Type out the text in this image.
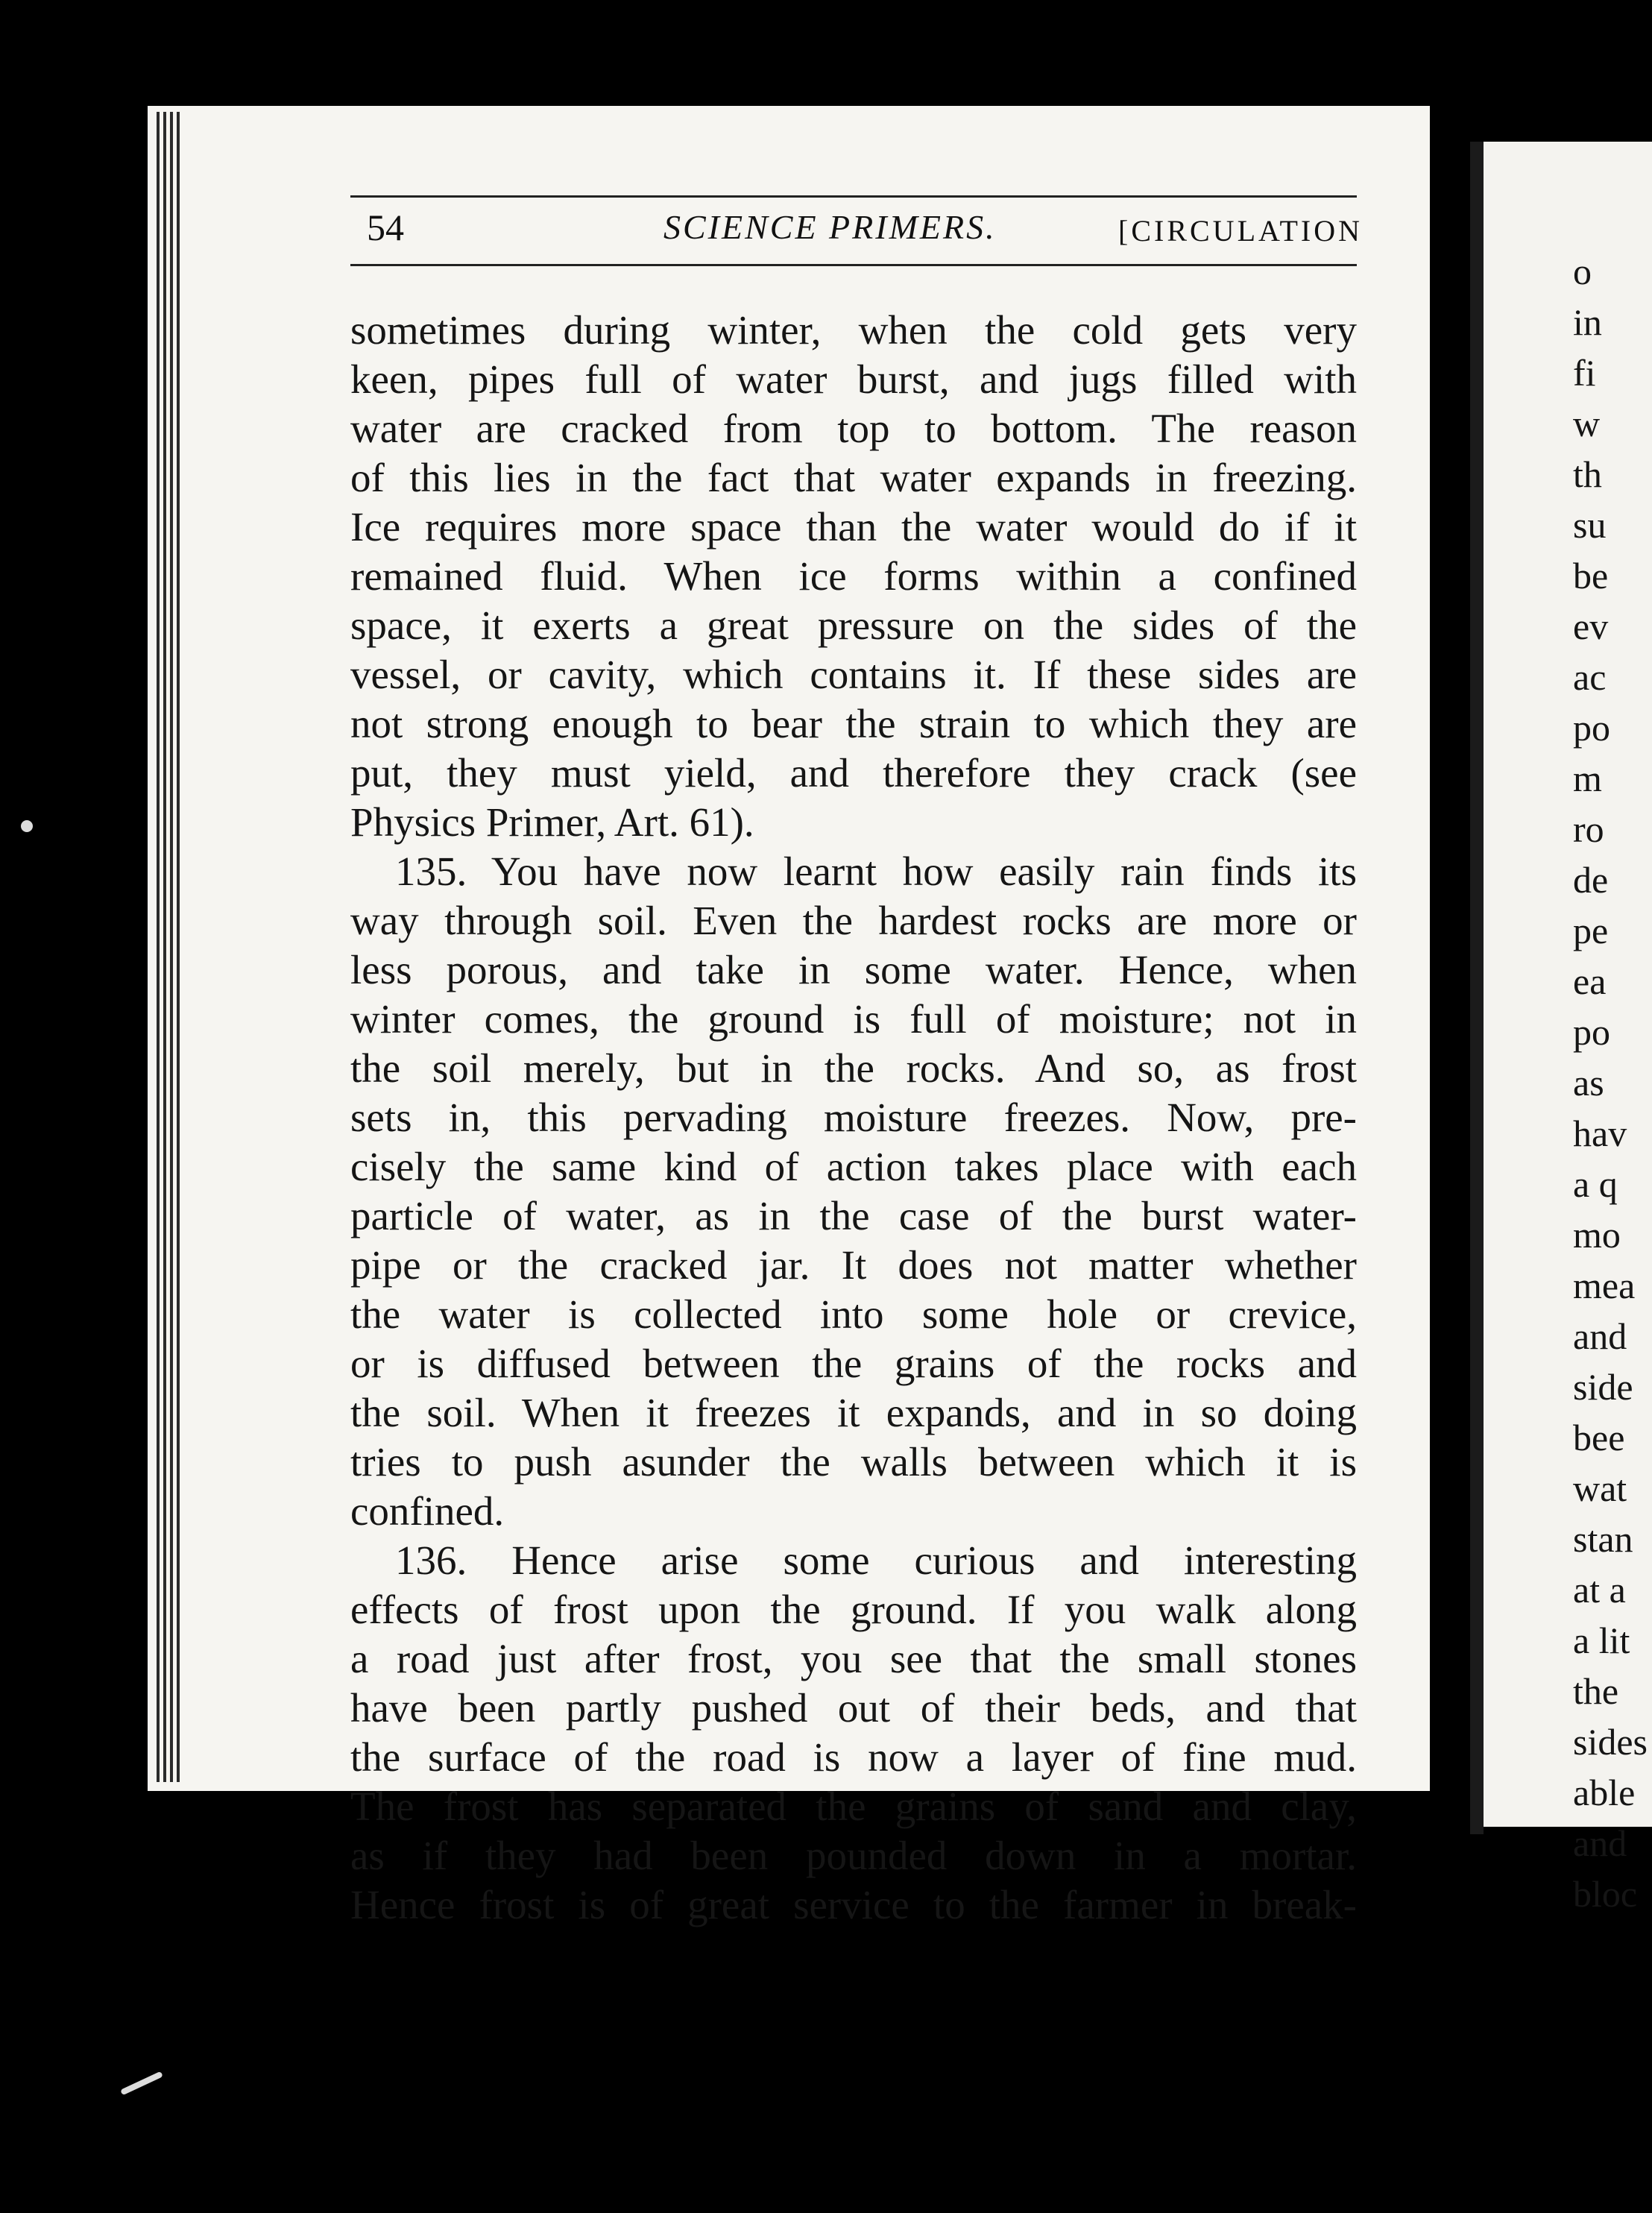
54	SCIENCE PRIMERS.	[CIRCULATION
sometimes during winter, when the cold gets very
keen, pipes full of water burst, and jugs filled with
water are cracked from top to bottom. The reason
of this lies in the fact that water expands in freezing.
Ice requires more space than the water would do if it
remained fluid. When ice forms within a confined
space, it exerts a great pressure on the sides of the
vessel, or cavity, which contains it. If these sides are
not strong enough to bear the strain to which they are
put, they must yield, and therefore they crack (see
Physics Primer, Art. 61).
135. You have now learnt how easily rain finds its
way through soil. Even the hardest rocks are more or
less porous, and take in some water. Hence, when
winter comes, the ground is full of moisture; not in
the soil merely, but in the rocks. And so, as frost
sets in, this pervading moisture freezes. Now, pre-
cisely the same kind of action takes place with each
particle of water, as in the case of the burst water-
pipe or the cracked jar. It does not matter whether
the water is collected into some hole or crevice,
or is diffused between the grains of the rocks and
the soil. When it freezes it expands, and in so doing
tries to push asunder the walls between which it is
confined.
136. Hence arise some curious and interesting
effects of frost upon the ground. If you walk along
a road just after frost, you see that the small stones
have been partly pushed out of their beds, and that
the surface of the road is now a layer of fine mud.
The frost has separated the grains of sand and clay,
as if they had been pounded down in a mortar.
Hence frost is of great service to the farmer in break-
o
in
fi
w
th
su
be
ev
ac
po
m
ro
de
pe
ea
po
as
hav
a q
mo
mea
and
side
bee
wat
stan
at a
a lit
the
sides
able
and
bloc
